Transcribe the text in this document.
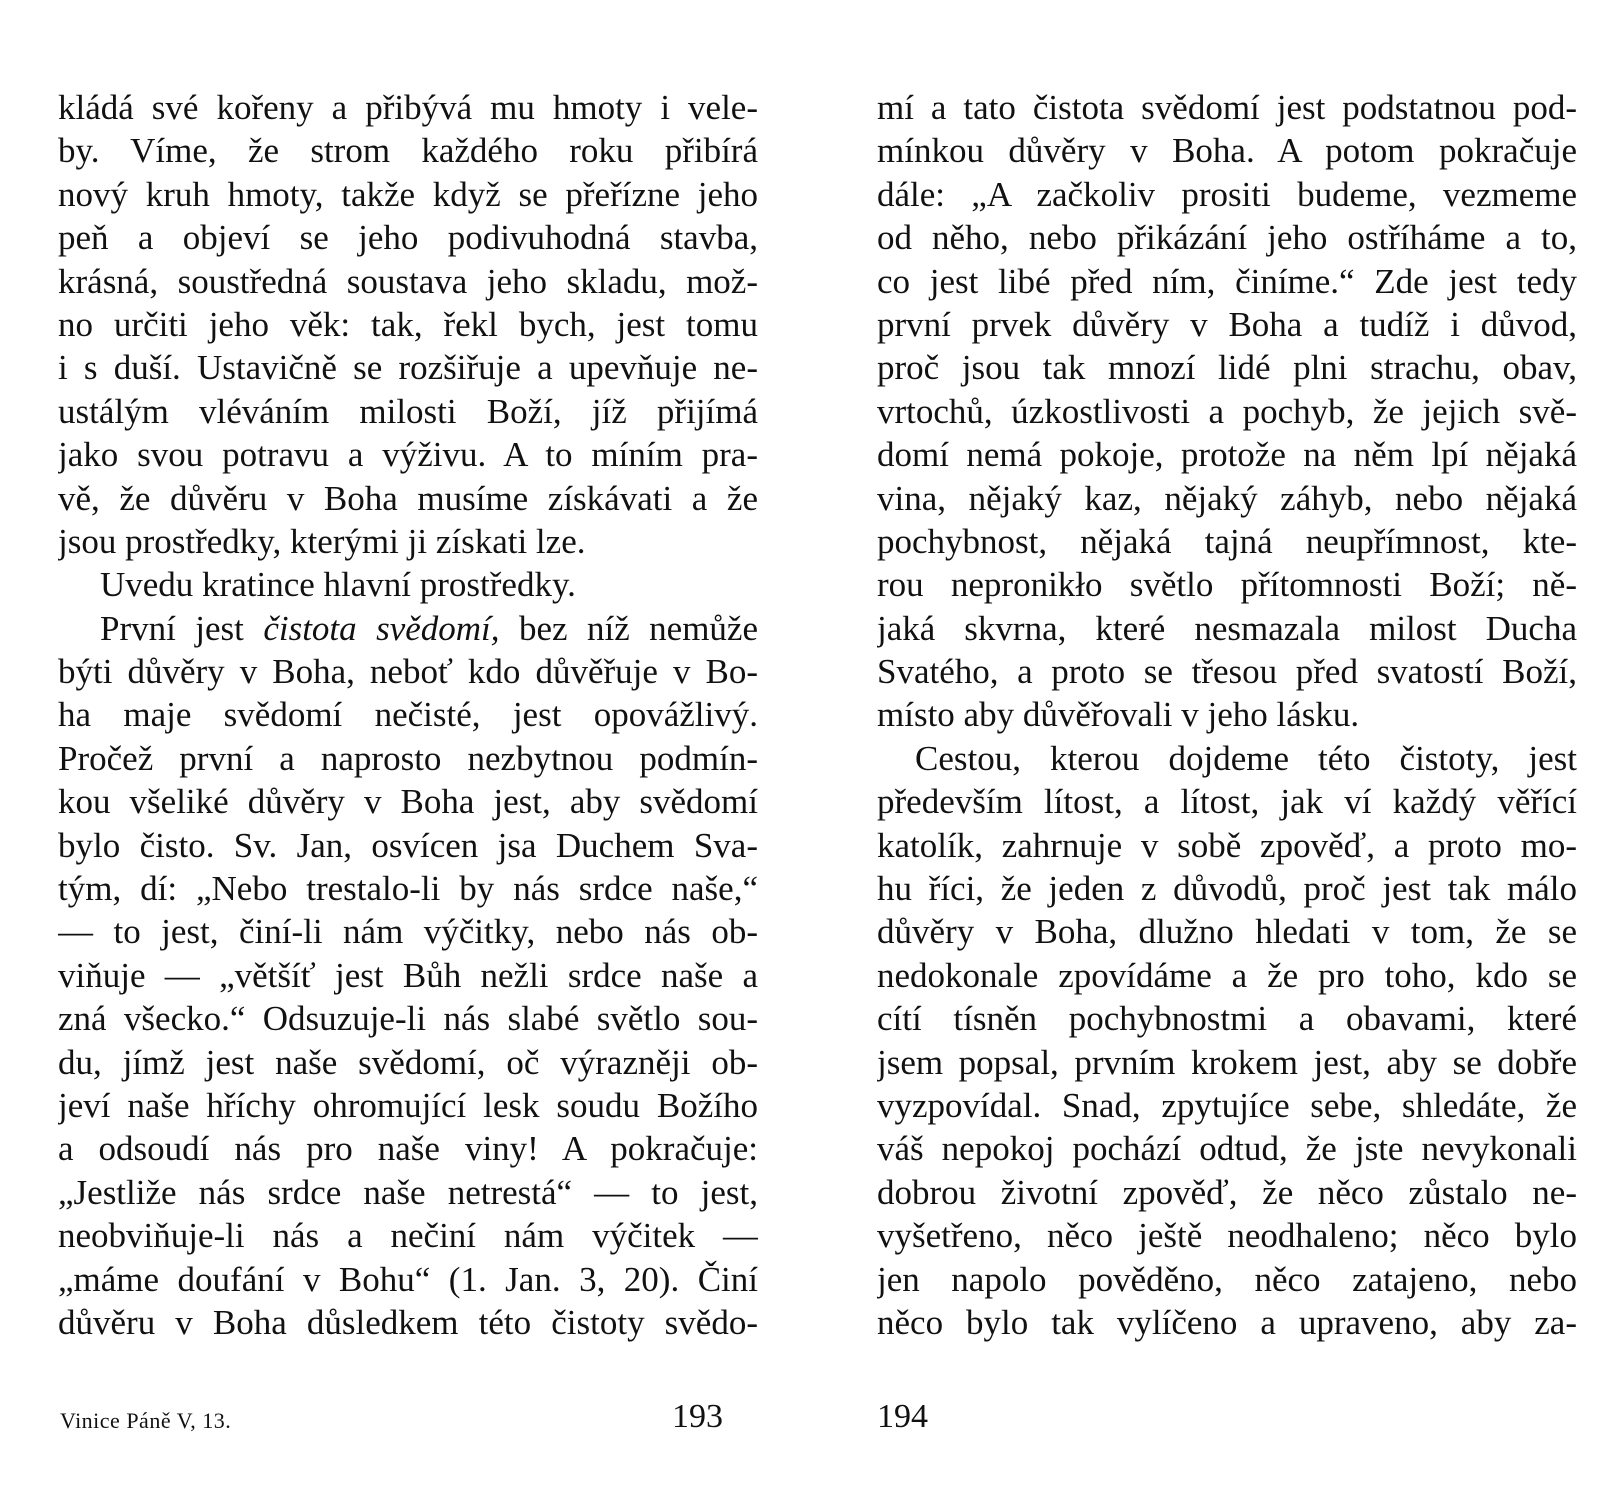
kládá své kořeny a přibývá mu hmoty i vele-
by. Víme, že strom každého roku přibírá
nový kruh hmoty, takže když se přeřízne jeho
peň a objeví se jeho podivuhodná stavba,
krásná, soustředná soustava jeho skladu, mož-
no určiti jeho věk: tak, řekl bych, jest tomu
i s duší. Ustavičně se rozšiřuje a upevňuje ne-
ustálým vléváním milosti Boží, jíž přijímá
jako svou potravu a výživu. A to míním pra-
vě, že důvěru v Boha musíme získávati a že
jsou prostředky, kterými ji získati lze.
Uvedu kratince hlavní prostředky.
První jest čistota svědomí, bez níž nemůže
býti důvěry v Boha, neboť kdo důvěřuje v Bo-
ha maje svědomí nečisté, jest opovážlivý.
Pročež první a naprosto nezbytnou podmín-
kou všeliké důvěry v Boha jest, aby svědomí
bylo čisto. Sv. Jan, osvícen jsa Duchem Sva-
tým, dí: „Nebo trestalo-li by nás srdce naše,“
— to jest, činí-li nám výčitky, nebo nás ob-
viňuje — „většíť jest Bůh nežli srdce naše a
zná všecko.“ Odsuzuje-li nás slabé světlo sou-
du, jímž jest naše svědomí, oč výrazněji ob-
jeví naše hříchy ohromující lesk soudu Božího
a odsoudí nás pro naše viny! A pokračuje:
„Jestliže nás srdce naše netrestá“ — to jest,
neobviňuje-li nás a nečiní nám výčitek —
„máme doufání v Bohu“ (1. Jan. 3, 20). Činí
důvěru v Boha důsledkem této čistoty svědo-
mí a tato čistota svědomí jest podstatnou pod-
mínkou důvěry v Boha. A potom pokračuje
dále: „A začkoliv prositi budeme, vezmeme
od něho, nebo přikázání jeho ostříháme a to,
co jest libé před ním, činíme.“ Zde jest tedy
první prvek důvěry v Boha a tudíž i důvod,
proč jsou tak mnozí lidé plni strachu, obav,
vrtochů, úzkostlivosti a pochyb, že jejich svě-
domí nemá pokoje, protože na něm lpí nějaká
vina, nějaký kaz, nějaký záhyb, nebo nějaká
pochybnost, nějaká tajná neupřímnost, kte-
rou nepronikło světlo přítomnosti Boží; ně-
jaká skvrna, které nesmazala milost Ducha
Svatého, a proto se třesou před svatostí Boží,
místo aby důvěřovali v jeho lásku.
Cestou, kterou dojdeme této čistoty, jest
především lítost, a lítost, jak ví každý věřící
katolík, zahrnuje v sobě zpověď, a proto mo-
hu říci, že jeden z důvodů, proč jest tak málo
důvěry v Boha, dlužno hledati v tom, že se
nedokonale zpovídáme a že pro toho, kdo se
cítí tísněn pochybnostmi a obavami, které
jsem popsal, prvním krokem jest, aby se dobře
vyzpovídal. Snad, zpytujíce sebe, shledáte, že
váš nepokoj pochází odtud, že jste nevykonali
dobrou životní zpověď, že něco zůstalo ne-
vyšetřeno, něco ještě neodhaleno; něco bylo
jen napolo pověděno, něco zatajeno, nebo
něco bylo tak vylíčeno a upraveno, aby za-
Vinice Páně V, 13.	193	194
